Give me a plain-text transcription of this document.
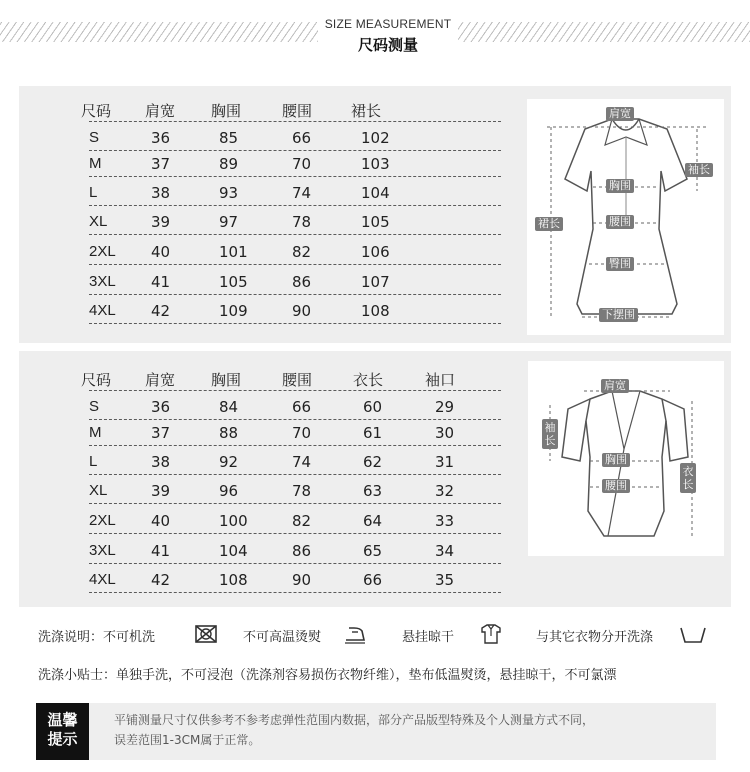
SIZE MEASUREMENT
尺码测量
尺码 肩宽 胸围	腰围	裙长
S	36	85	66	102
M	37	89	70	103
L	38	93	74	104
XL	39	97	78	105
2XL 40	101	82	106
3XL 41	105	86	107
4XL 42	109	90	108
肩宽
袖长
胸围
裙长	腰围
臀围
下摆围
尺码 肩宽 胸围	腰围	衣长	袖口
S	36	84	66	60	29
M	37	88	70	61	30
L	38	92	74	62	31
XL	39	96	78	63	32
2XL 40	100	82	64	33
3XL 41	104	86	65	34
4XL 42	108	90	66	35
肩宽
袖长
胸围
腰围
衣长
洗涤说明：不可机洗	不可高温烫熨	悬挂晾干	与其它衣物分开洗涤
洗涤小贴士：单独手洗，不可浸泡（洗涤剂容易损伤衣物纤维），垫布低温熨烫，悬挂晾干，不可氯漂
温馨
提示
平铺测量尺寸仅供参考不参考虑弹性范围内数据，部分产品版型特殊及个人测量方式不同，
误差范围1-3CM属于正常。
